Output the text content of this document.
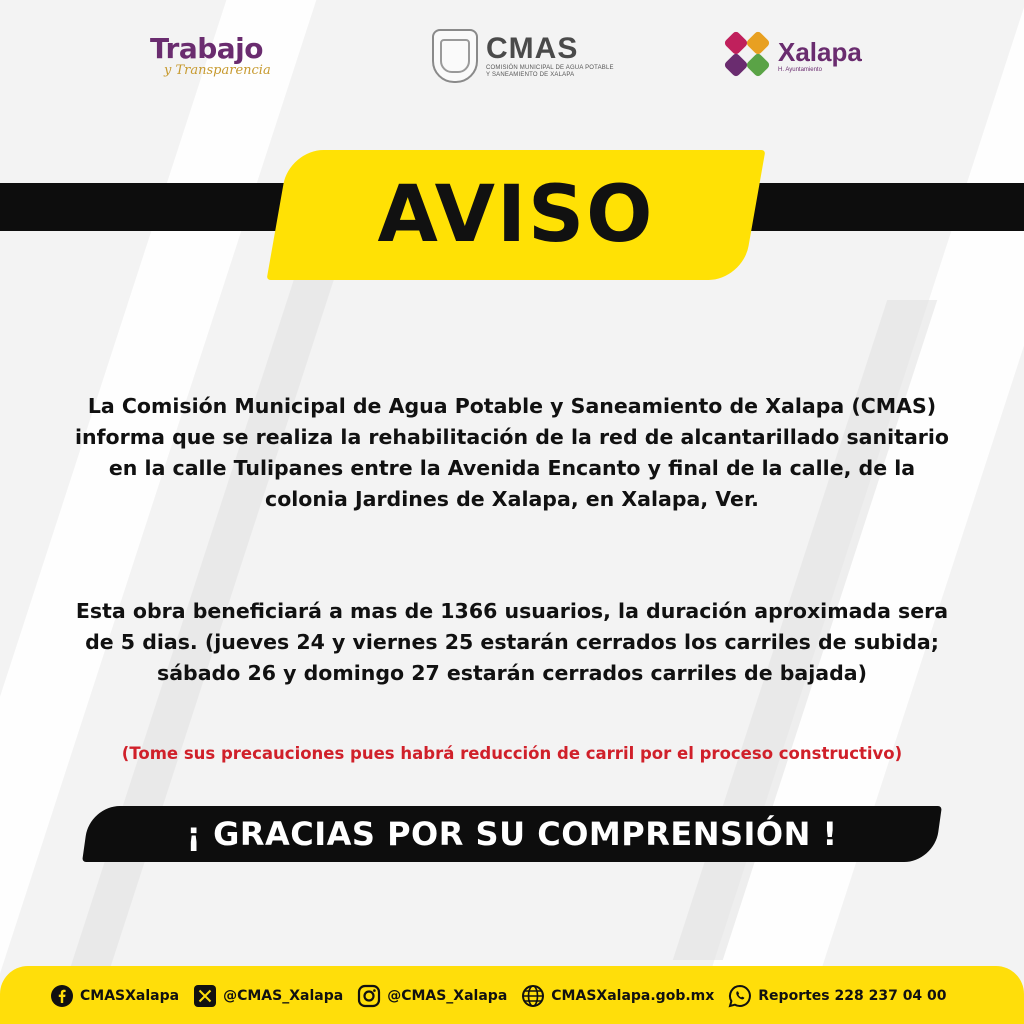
Trabajo
y Transparencia
CMAS
COMISIÓN MUNICIPAL DE AGUA POTABLE
Y SANEAMIENTO DE XALAPA
Xalapa
H. Ayuntamiento
AVISO
La Comisión Municipal de Agua Potable y Saneamiento de Xalapa (CMAS) informa que se realiza la rehabilitación de la red de alcantarillado sanitario en la calle Tulipanes entre la Avenida Encanto y final de la calle, de la colonia Jardines de Xalapa, en Xalapa, Ver.
Esta obra beneficiará a mas de 1366 usuarios, la duración aproximada sera de 5 dias. (jueves 24 y viernes 25 estarán cerrados los carriles de subida; sábado 26 y domingo 27 estarán cerrados carriles de bajada)
(Tome sus precauciones pues habrá reducción de carril por el proceso constructivo)
¡ GRACIAS POR SU COMPRENSIÓN !
CMASXalapa	@CMAS_Xalapa	@CMAS_Xalapa	CMASXalapa.gob.mx	Reportes 228 237 04 00
